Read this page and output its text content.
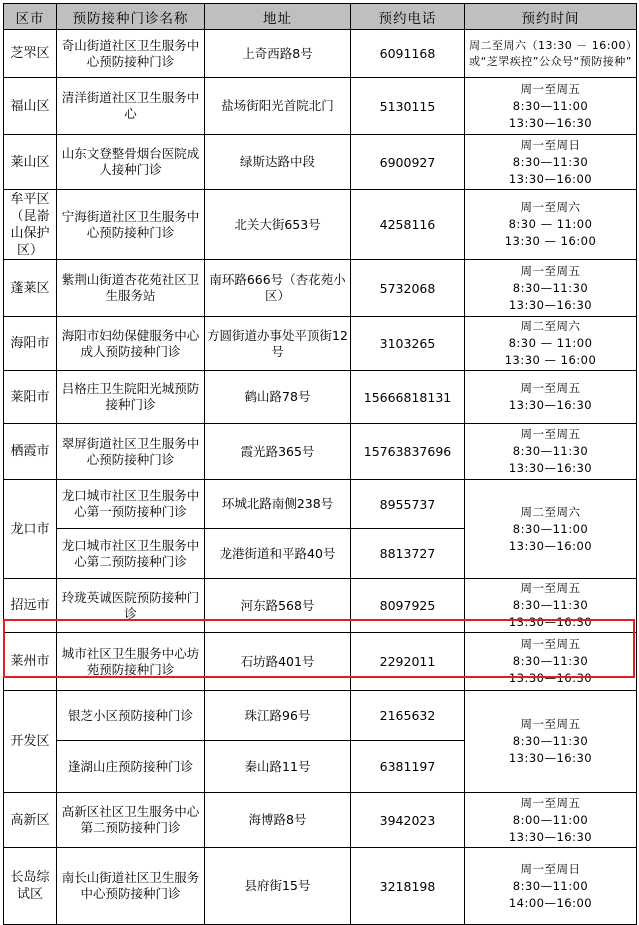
区市	预防接种门诊名称	地址	预约电话	预约时间
芝罘区	奇山街道社区卫生服务中心预防接种门诊	上奇西路8号	6091168	周二至周六（13:30 － 16:00）或“芝罘疾控”公众号“预防接种”
福山区	清洋街道社区卫生服务中心	盐场街阳光首院北门	5130115	周一至周五
8:30—11:00
13:30—16:30
莱山区	山东文登整骨烟台医院成人接种门诊	绿斯达路中段	6900927	周一至周日
8:30—11:30
13:30—16:00
牟平区（昆嵛山保护区）	宁海街道社区卫生服务中心预防接种门诊	北关大街653号	4258116	周一至周六
8:30 — 11:00
13:30 — 16:00
蓬莱区	紫荆山街道杏花苑社区卫生服务站	南环路666号（杏花苑小区）	5732068	周一至周五
8:30—11:30
13:30—16:30
海阳市	海阳市妇幼保健服务中心成人预防接种门诊	方圆街道办事处平顶街12号	3103265	周二至周六
8:30 — 11:00
13:30 — 16:00
莱阳市	吕格庄卫生院阳光城预防接种门诊	鹤山路78号	15666818131	周一至周五
13:30—16:30
栖霞市	翠屏街道社区卫生服务中心预防接种门诊	霞光路365号	15763837696	周一至周五
8:30—11:30
13:30—16:30
龙口市	龙口城市社区卫生服务中心第一预防接种门诊	环城北路南侧238号	8955737	周二至周六
8:30—11:00
13:30—16:00
	龙口城市社区卫生服务中心第二预防接种门诊	龙港街道和平路40号	8813727	
招远市	玲珑英诚医院预防接种门诊	河东路568号	8097925	周一至周五
8:30—11:30
13:30—16:30
莱州市	城市社区卫生服务中心坊苑预防接种门诊	石坊路401号	2292011	周一至周五
8:30—11:30
13:30—16:30
开发区	银芝小区预防接种门诊	珠江路96号	2165632	周一至周五
8:30—11:30
13:30—16:30
	逢湖山庄预防接种门诊	秦山路11号	6381197	
高新区	高新区社区卫生服务中心第二预防接种门诊	海博路8号	3942023	周一至周五
8:00—11:00
13:30—16:30
长岛综试区	南长山街道社区卫生服务中心预防接种门诊	县府街15号	3218198	周一至周日
8:30—11:00
14:00—16:00
